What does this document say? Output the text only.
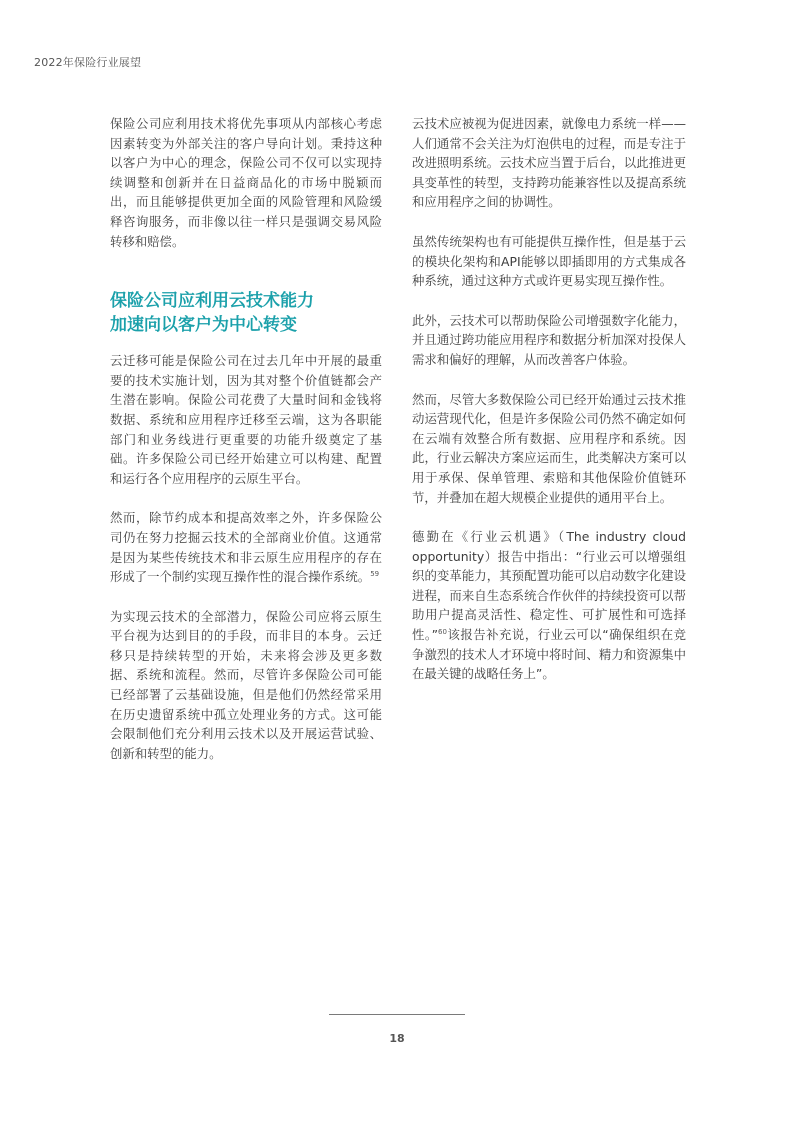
2022年保险行业展望

保险公司应利用技术将优先事项从内部核心考虑因素转变为外部关注的客户导向计划。秉持这种以客户为中心的理念，保险公司不仅可以实现持续调整和创新并在日益商品化的市场中脱颖而出，而且能够提供更加全面的风险管理和风险缓释咨询服务，而非像以往一样只是强调交易风险转移和赔偿。

保险公司应利用云技术能力
加速向以客户为中心转变

云迁移可能是保险公司在过去几年中开展的最重要的技术实施计划，因为其对整个价值链都会产生潜在影响。保险公司花费了大量时间和金钱将数据、系统和应用程序迁移至云端，这为各职能部门和业务线进行更重要的功能升级奠定了基础。许多保险公司已经开始建立可以构建、配置和运行各个应用程序的云原生平台。

然而，除节约成本和提高效率之外，许多保险公司仍在努力挖掘云技术的全部商业价值。这通常是因为某些传统技术和非云原生应用程序的存在形成了一个制约实现互操作性的混合操作系统。$^{59}$

为实现云技术的全部潜力，保险公司应将云原生平台视为达到目的的手段，而非目的本身。云迁移只是持续转型的开始，未来将会涉及更多数据、系统和流程。然而，尽管许多保险公司可能已经部署了云基础设施，但是他们仍然经常采用在历史遗留系统中孤立处理业务的方式。这可能会限制他们充分利用云技术以及开展运营试验、创新和转型的能力。

云技术应被视为促进因素，就像电力系统一样——人们通常不会关注为灯泡供电的过程，而是专注于改进照明系统。云技术应当置于后台，以此推进更具变革性的转型，支持跨功能兼容性以及提高系统和应用程序之间的协调性。

虽然传统架构也有可能提供互操作性，但是基于云的模块化架构和API能够以即插即用的方式集成各种系统，通过这种方式或许更易实现互操作性。

此外，云技术可以帮助保险公司增强数字化能力，并且通过跨功能应用程序和数据分析加深对投保人需求和偏好的理解，从而改善客户体验。

然而，尽管大多数保险公司已经开始通过云技术推动运营现代化，但是许多保险公司仍然不确定如何在云端有效整合所有数据、应用程序和系统。因此，行业云解决方案应运而生，此类解决方案可以用于承保、保单管理、索赔和其他保险价值链环节，并叠加在超大规模企业提供的通用平台上。

德勤在《行业云机遇》（The industry cloud opportunity）报告中指出：“行业云可以增强组织的变革能力，其预配置功能可以启动数字化建设进程，而来自生态系统合作伙伴的持续投资可以帮助用户提高灵活性、稳定性、可扩展性和可选择性。”$^{60}$该报告补充说，行业云可以“确保组织在竞争激烈的技术人才环境中将时间、精力和资源集中在最关键的战略任务上”。

18
